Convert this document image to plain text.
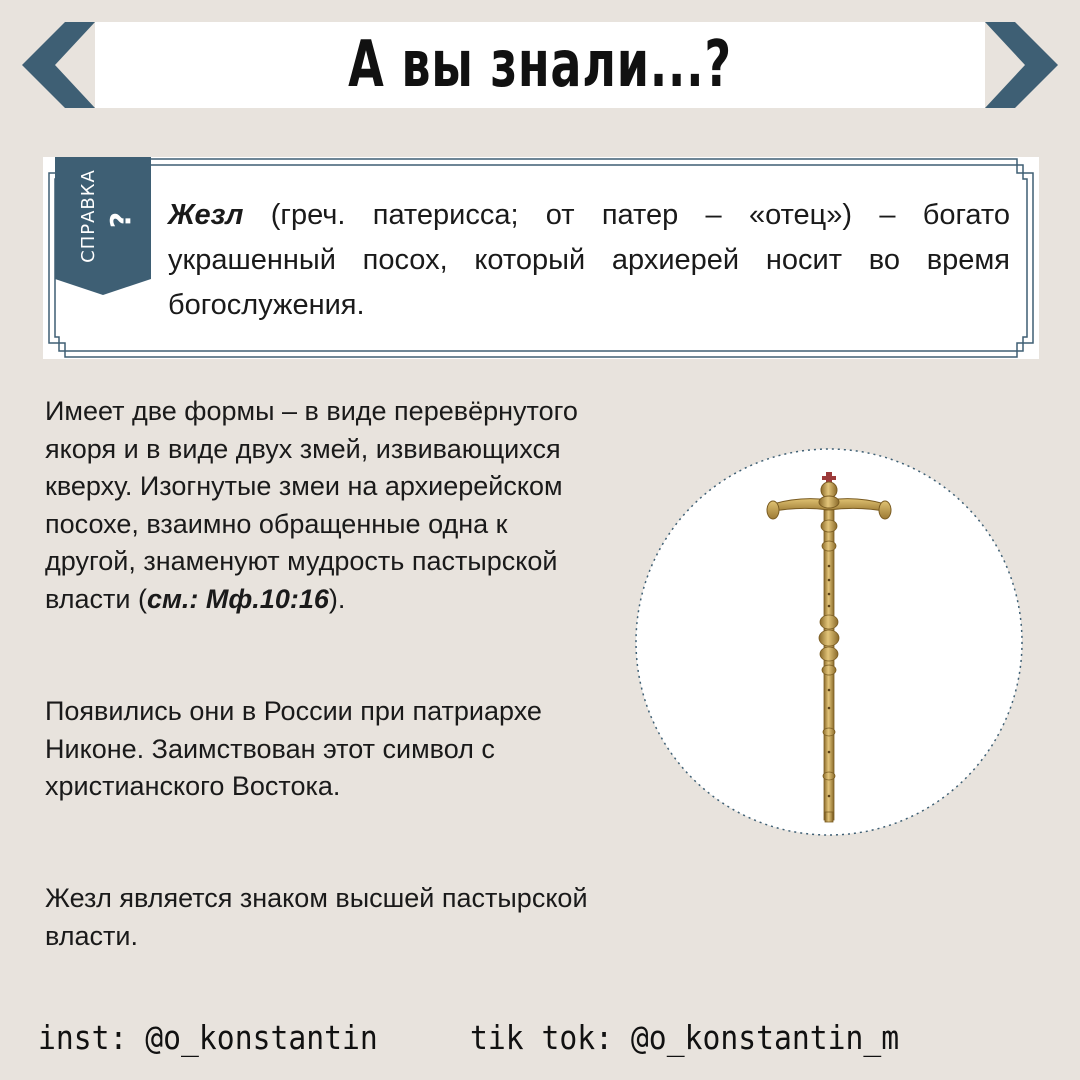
А вы знали...?
СПРАВКА ? Жезл (греч. патерисса; от патер – «отец») – богато украшенный посох, который архиерей носит во время богослужения.
Имеет две формы – в виде перевёрнутого якоря и в виде двух змей, извивающихся кверху. Изогнутые змеи на архиерейском посохе, взаимно обращенные одна к другой, знаменуют мудрость пастырской власти (см.: Мф.10:16).
Появились они в России при патриархе Никоне. Заимствован этот символ с христианского Востока.
Жезл является знаком высшей пастырской власти.
inst: @o_konstantin	tik tok: @o_konstantin_m
